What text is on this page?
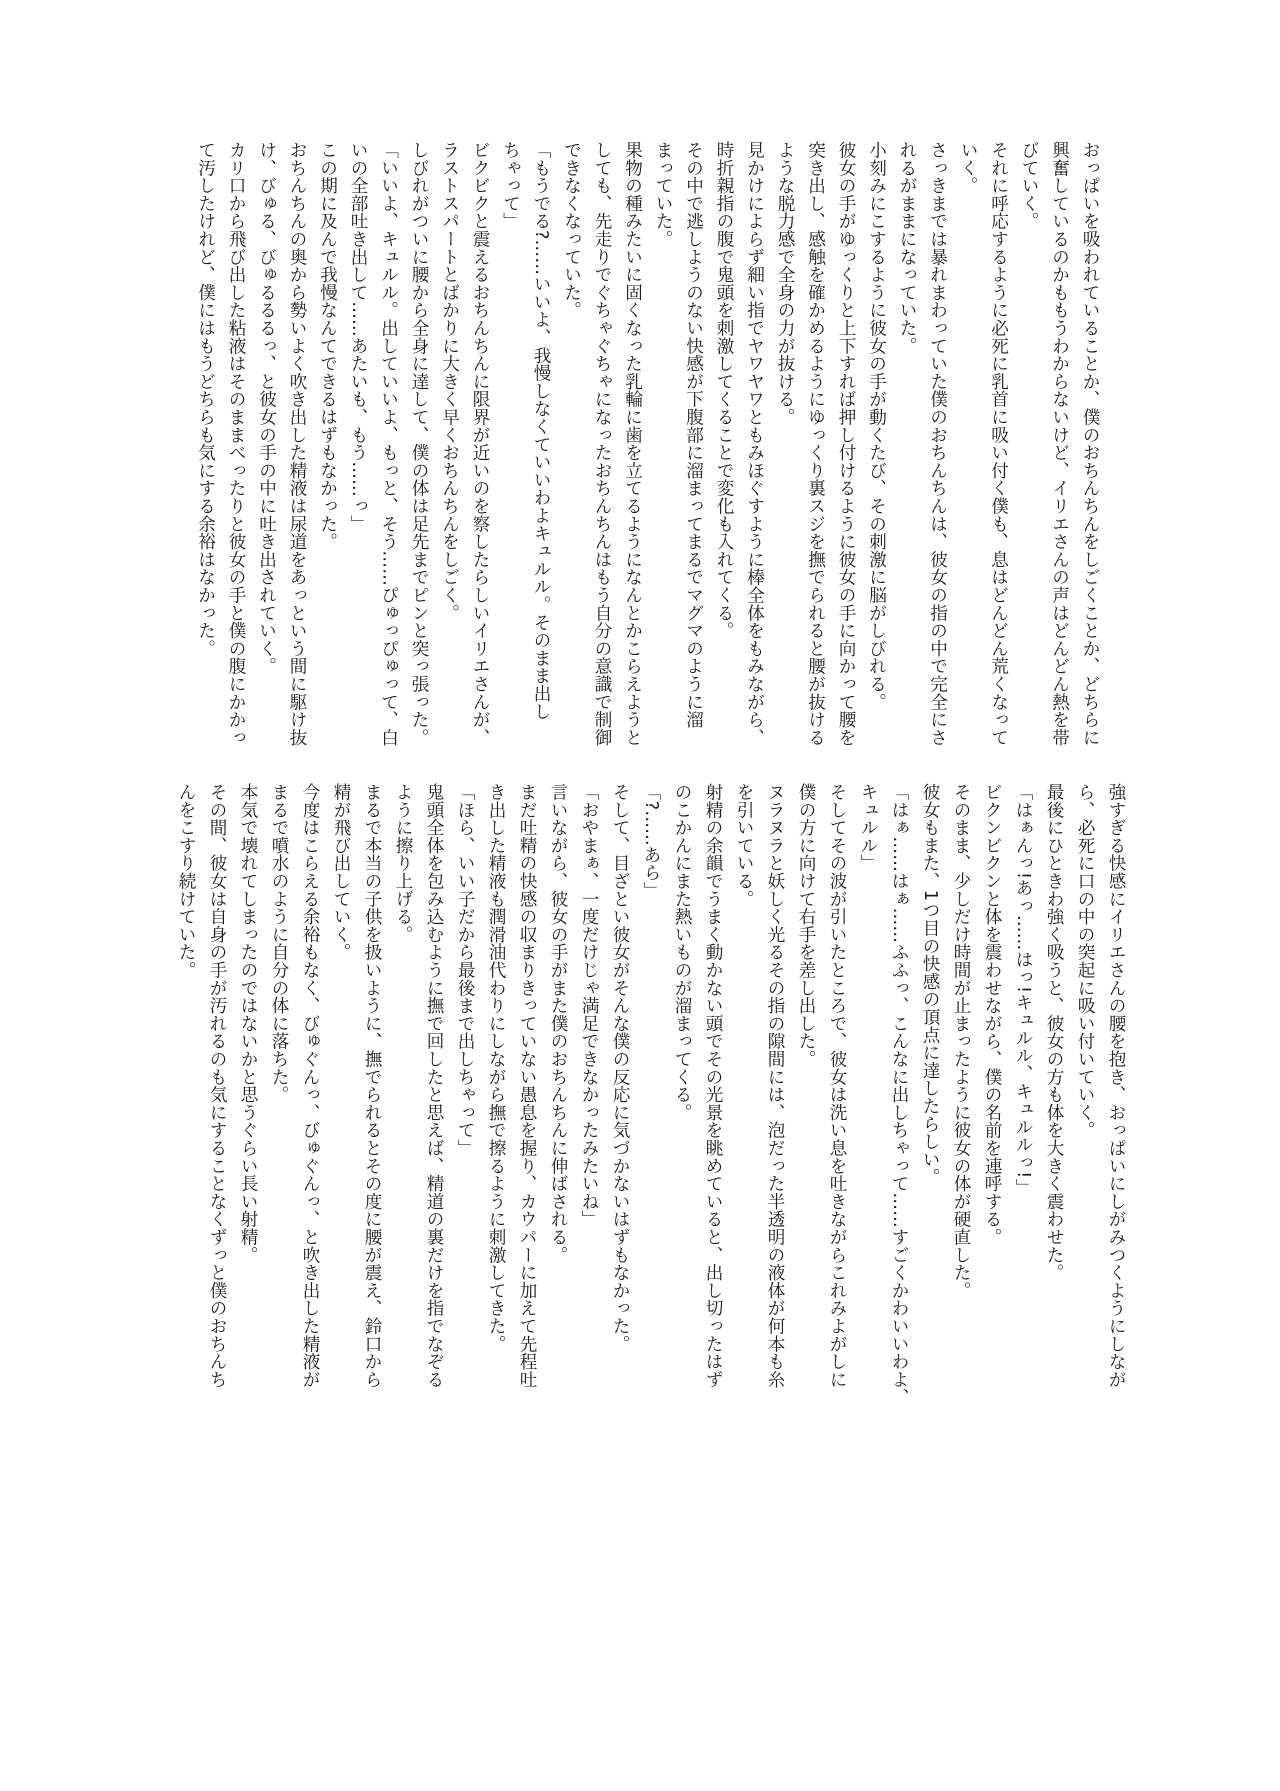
おっぱいを吸われていることか、僕のおちんちんをしごくことか、どちらに

興奮しているのかももうわからないけど、イリエさんの声はどんどん熱を帯

びていく。

それに呼応するように必死に乳首に吸い付く僕も、息はどんどん荒くなって

いく。

さっきまでは暴れまわっていた僕のおちんちんは、彼女の指の中で完全にさ

れるがままになっていた。

小刻みにこするように彼女の手が動くたび、その刺激に脳がしびれる。

彼女の手がゆっくりと上下すれば押し付けるように彼女の手に向かって腰を

突き出し、感触を確かめるようにゆっくり裏スジを撫でられると腰が抜ける

ような脱力感で全身の力が抜ける。

見かけによらず細い指でヤワヤワともみほぐすように棒全体をもみながら、

時折親指の腹で鬼頭を刺激してくることで変化も入れてくる。

その中で逃しようのない快感が下腹部に溜まってまるでマグマのように溜

まっていた。

果物の種みたいに固くなった乳輪に歯を立てるようになんとかこらえようと

しても、先走りでぐちゃぐちゃになったおちんちんはもう自分の意識で制御

できなくなっていた。

「もうでる?……いいよ、我慢しなくていいわよキュルル。そのまま出し

ちゃって」

ビクビクと震えるおちんちんに限界が近いのを察したらしいイリエさんが、

ラストスパートとばかりに大きく早くおちんちんをしごく。

しびれがついに腰から全身に達して、僕の体は足先までピンと突っ張った。

「いいよ、キュルル。出していいよ、もっと、そう……ぴゅっぴゅって、白

いの全部吐き出して……あたいも、もう……っ」

この期に及んで我慢なんてできるはずもなかった。

おちんちんの奥から勢いよく吹き出した精液は尿道をあっという間に駆け抜

け、びゅる、びゅるるるっ、と彼女の手の中に吐き出されていく。

カリ口から飛び出した粘液はそのままべったりと彼女の手と僕の腹にかかっ

て汚したけれど、僕にはもうどちらも気にする余裕はなかった。

強すぎる快感にイリエさんの腰を抱き、おっぱいにしがみつくようにしなが

ら、必死に口の中の突起に吸い付いていく。

最後にひときわ強く吸うと、彼女の方も体を大きく震わせた。

「はぁんっ!あっ……はっ!キュルル、キュルルっ!」

ビクンビクンと体を震わせながら、僕の名前を連呼する。

そのまま、少しだけ時間が止まったように彼女の体が硬直した。

彼女もまた、1つ目の快感の頂点に達したらしい。

「はぁ……はぁ……ふふっ、こんなに出しちゃって……すごくかわいいわよ、

キュルル」

そしてその波が引いたところで、彼女は洗い息を吐きながらこれみよがしに

僕の方に向けて右手を差し出した。

ヌラヌラと妖しく光るその指の隙間には、泡だった半透明の液体が何本も糸

を引いている。

射精の余韻でうまく動かない頭でその光景を眺めていると、出し切ったはず

のこかんにまた熱いものが溜まってくる。

「?……あら」

そして、目ざとい彼女がそんな僕の反応に気づかないはずもなかった。

「おやまぁ、一度だけじゃ満足できなかったみたいね」

言いながら、彼女の手がまた僕のおちんちんに伸ばされる。

まだ吐精の快感の収まりきっていない愚息を握り、カウパーに加えて先程吐

き出した精液も潤滑油代わりにしながら撫で擦るように刺激してきた。

「ほら、いい子だから最後まで出しちゃって」

鬼頭全体を包み込むように撫で回したと思えば、精道の裏だけを指でなぞる

ように擦り上げる。

まるで本当の子供を扱いように、撫でられるとその度に腰が震え、鈴口から

精が飛び出していく。

今度はこらえる余裕もなく、びゅぐんっ、びゅぐんっ、と吹き出した精液が

まるで噴水のように自分の体に落ちた。

本気で壊れてしまったのではないかと思うぐらい長い射精。

その間、彼女は自身の手が汚れるのも気にすることなくずっと僕のおちんち

んをこすり続けていた。
